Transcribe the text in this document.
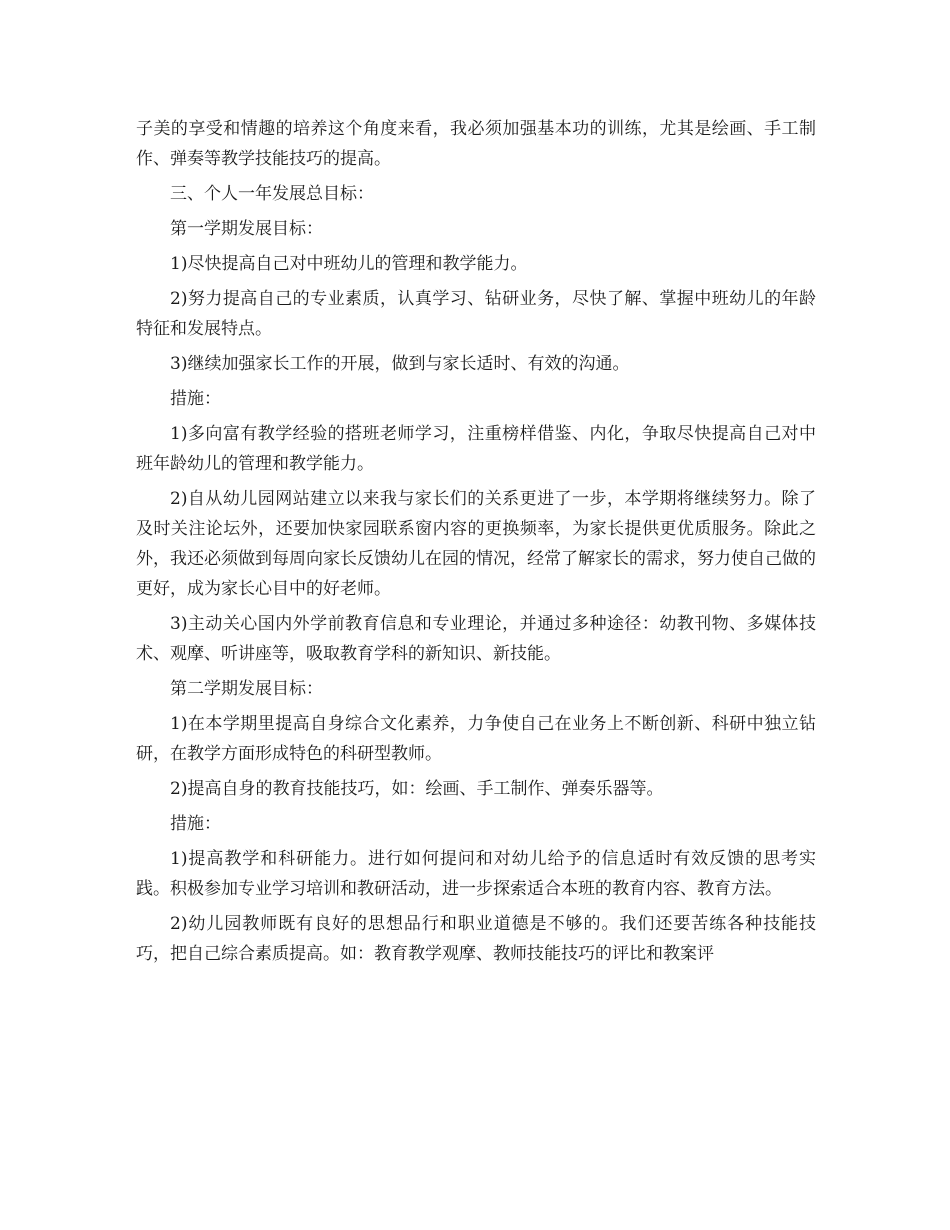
子美的享受和情趣的培养这个角度来看，我必须加强基本功的训练，尤其是绘画、手工制作、弹奏等教学技能技巧的提高。

三、个人一年发展总目标：

第一学期发展目标：

1)尽快提高自己对中班幼儿的管理和教学能力。

2)努力提高自己的专业素质，认真学习、钻研业务，尽快了解、掌握中班幼儿的年龄特征和发展特点。

3)继续加强家长工作的开展，做到与家长适时、有效的沟通。

措施：

1)多向富有教学经验的搭班老师学习，注重榜样借鉴、内化，争取尽快提高自己对中班年龄幼儿的管理和教学能力。

2)自从幼儿园网站建立以来我与家长们的关系更进了一步，本学期将继续努力。除了及时关注论坛外，还要加快家园联系窗内容的更换频率，为家长提供更优质服务。除此之外，我还必须做到每周向家长反馈幼儿在园的情况，经常了解家长的需求，努力使自己做的更好，成为家长心目中的好老师。

3)主动关心国内外学前教育信息和专业理论，并通过多种途径：幼教刊物、多媒体技术、观摩、听讲座等，吸取教育学科的新知识、新技能。

第二学期发展目标：

1)在本学期里提高自身综合文化素养，力争使自己在业务上不断创新、科研中独立钻研，在教学方面形成特色的科研型教师。

2)提高自身的教育技能技巧，如：绘画、手工制作、弹奏乐器等。

措施：

1)提高教学和科研能力。进行如何提问和对幼儿给予的信息适时有效反馈的思考实践。积极参加专业学习培训和教研活动，进一步探索适合本班的教育内容、教育方法。

2)幼儿园教师既有良好的思想品行和职业道德是不够的。我们还要苦练各种技能技巧，把自己综合素质提高。如：教育教学观摩、教师技能技巧的评比和教案评
